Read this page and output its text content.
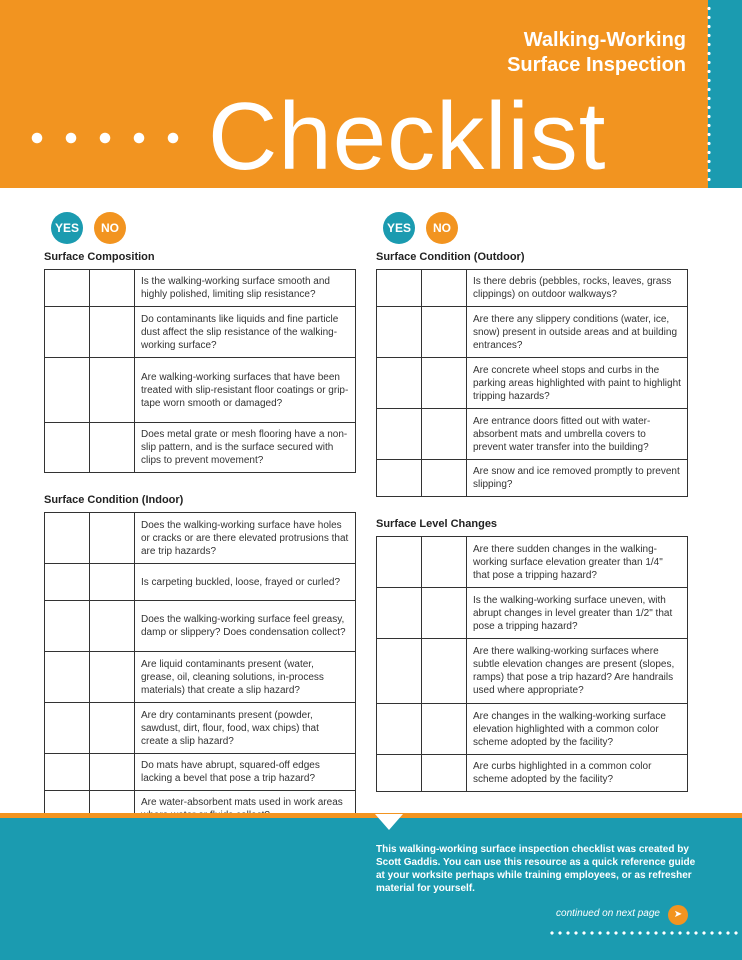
Walking-Working
Surface Inspection
Checklist
YES	NO	YES	NO
Surface Composition
		Is the walking-working surface smooth and highly polished, limiting slip resistance?
		Do contaminants like liquids and fine particle dust affect the slip resistance of the walking-working surface?
		Are walking-working surfaces that have been treated with slip-resistant floor coatings or grip-tape worn smooth or damaged?
		Does metal grate or mesh flooring have a non-slip pattern, and is the surface secured with clips to prevent movement?
Surface Condition (Indoor)
		Does the walking-working surface have holes or cracks or are there elevated protrusions that are trip hazards?
		Is carpeting buckled, loose, frayed or curled?
		Does the walking-working surface feel greasy, damp or slippery? Does condensation collect?
		Are liquid contaminants present (water, grease, oil, cleaning solutions, in-process materials) that create a slip hazard?
		Are dry contaminants present (powder, sawdust, dirt, flour, food, wax chips) that create a slip hazard?
		Do mats have abrupt, squared-off edges lacking a bevel that pose a trip hazard?
		Are water-absorbent mats used in work areas

Surface Condition (Outdoor)
		Is there debris (pebbles, rocks, leaves, grass clippings) on outdoor walkways?
		Are there any slippery conditions (water, ice, snow) present in outside areas and at building entrances?
		Are concrete wheel stops and curbs in the parking areas highlighted with paint to highlight tripping hazards?
		Are entrance doors fitted out with water-absorbent mats and umbrella covers to prevent water transfer into the building?
		Are snow and ice removed promptly to prevent slipping?
Surface Level Changes
		Are there sudden changes in the walking-working surface elevation greater than 1/4" that pose a tripping hazard?
		Is the walking-working surface uneven, with abrupt changes in level greater than 1/2" that pose a tripping hazard?
		Are there walking-working surfaces where subtle elevation changes are present (slopes, ramps) that pose a trip hazard? Are handrails used where appropriate?
		Are changes in the walking-working surface elevation highlighted with a common color scheme adopted by the facility?
		Are curbs highlighted in a common color scheme adopted by the facility?
This walking-working surface inspection checklist was created by Scott Gaddis. You can use this resource as a quick reference guide at your worksite perhaps while training employees, or as refresher material for yourself.
continued on next page	➤
